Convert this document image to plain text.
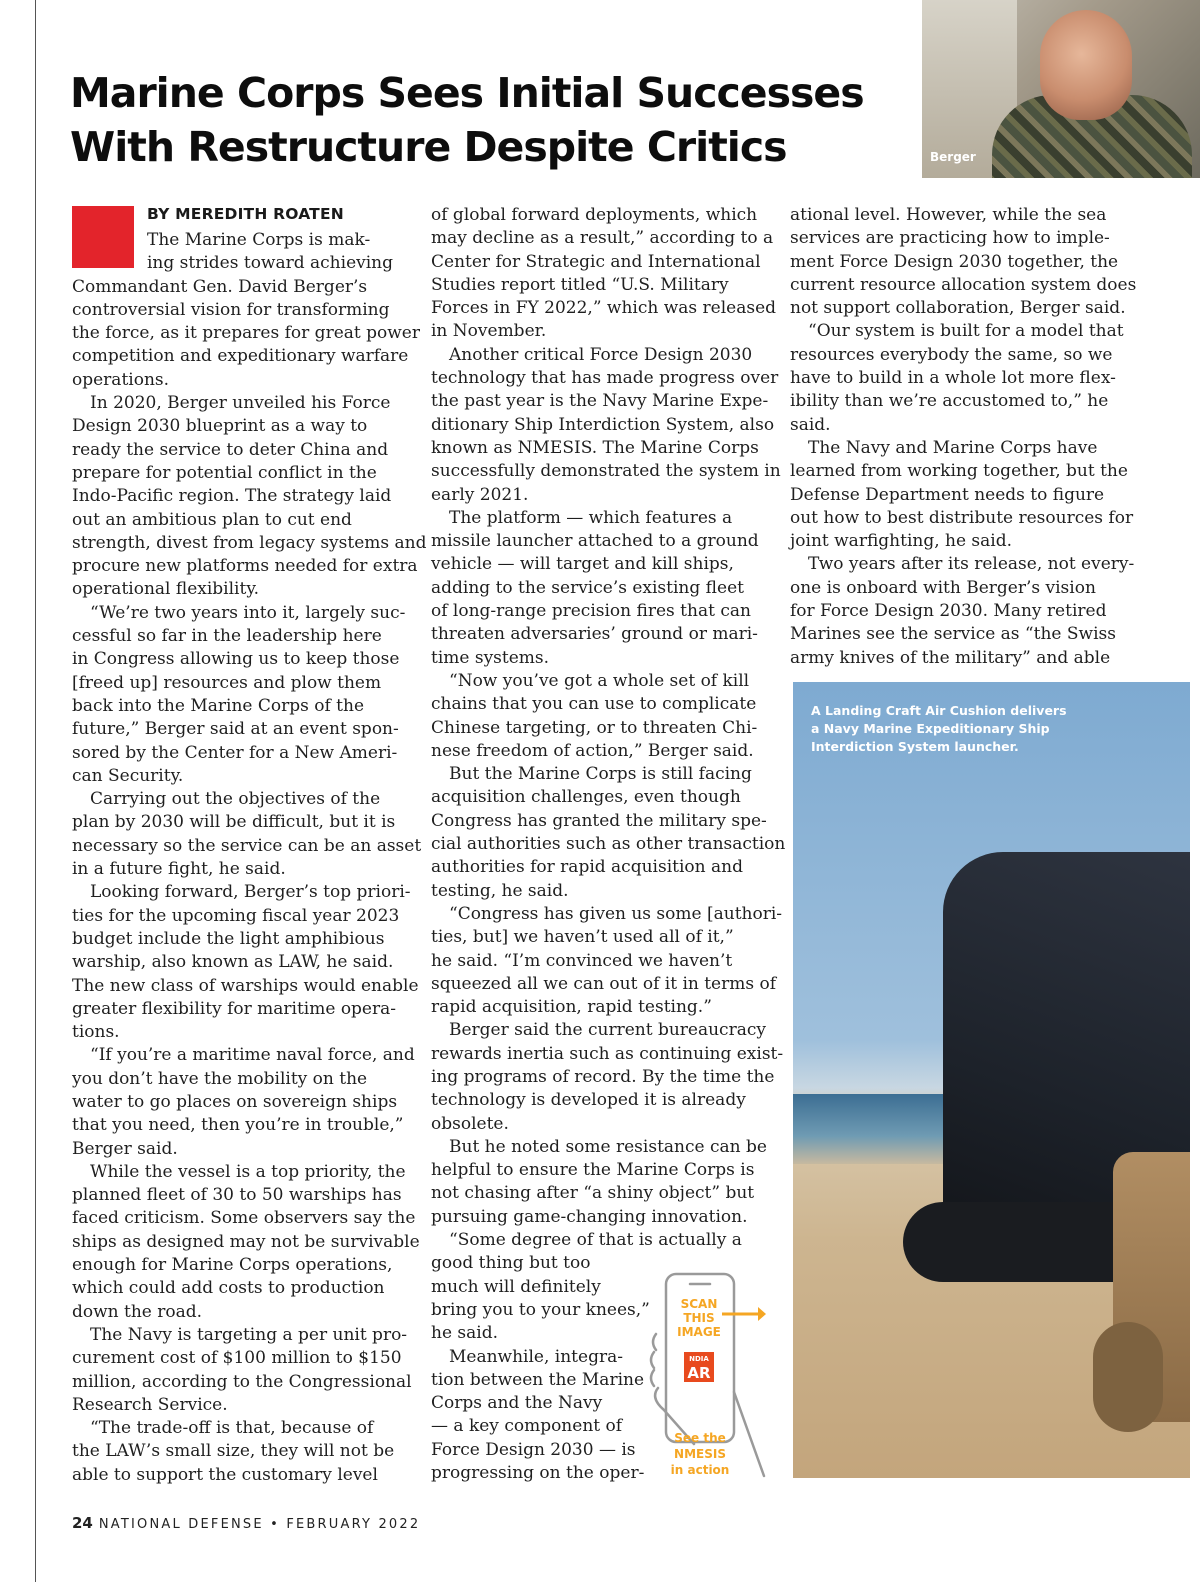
Marine Corps Sees Initial Successes
With Restructure Despite Critics	Berger
BY MEREDITH ROATEN
The Marine Corps is mak-
ing strides toward achieving
Commandant Gen. David Berger’s
controversial vision for transforming
the force, as it prepares for great power
competition and expeditionary warfare
operations.
In 2020, Berger unveiled his Force
Design 2030 blueprint as a way to
ready the service to deter China and
prepare for potential conflict in the
Indo-Pacific region. The strategy laid
out an ambitious plan to cut end
strength, divest from legacy systems and
procure new platforms needed for extra
operational flexibility.
“We’re two years into it, largely suc-
cessful so far in the leadership here
in Congress allowing us to keep those
[freed up] resources and plow them
back into the Marine Corps of the
future,” Berger said at an event spon-
sored by the Center for a New Ameri-
can Security.
Carrying out the objectives of the
plan by 2030 will be difficult, but it is
necessary so the service can be an asset
in a future fight, he said.
Looking forward, Berger’s top priori-
ties for the upcoming fiscal year 2023
budget include the light amphibious
warship, also known as LAW, he said.
The new class of warships would enable
greater flexibility for maritime opera-
tions.
“If you’re a maritime naval force, and
you don’t have the mobility on the
water to go places on sovereign ships
that you need, then you’re in trouble,”
Berger said.
While the vessel is a top priority, the
planned fleet of 30 to 50 warships has
faced criticism. Some observers say the
ships as designed may not be survivable
enough for Marine Corps operations,
which could add costs to production
down the road.
The Navy is targeting a per unit pro-
curement cost of $100 million to $150
million, according to the Congressional
Research Service.
“The trade-off is that, because of
the LAW’s small size, they will not be
able to support the customary level
of global forward deployments, which
may decline as a result,” according to a
Center for Strategic and International
Studies report titled “U.S. Military
Forces in FY 2022,” which was released
in November.
Another critical Force Design 2030
technology that has made progress over
the past year is the Navy Marine Expe-
ditionary Ship Interdiction System, also
known as NMESIS. The Marine Corps
successfully demonstrated the system in
early 2021.
The platform — which features a
missile launcher attached to a ground
vehicle — will target and kill ships,
adding to the service’s existing fleet
of long-range precision fires that can
threaten adversaries’ ground or mari-
time systems.
“Now you’ve got a whole set of kill
chains that you can use to complicate
Chinese targeting, or to threaten Chi-
nese freedom of action,” Berger said.
But the Marine Corps is still facing
acquisition challenges, even though
Congress has granted the military spe-
cial authorities such as other transaction
authorities for rapid acquisition and
testing, he said.
“Congress has given us some [authori-
ties, but] we haven’t used all of it,”
he said. “I’m convinced we haven’t
squeezed all we can out of it in terms of
rapid acquisition, rapid testing.”
Berger said the current bureaucracy
rewards inertia such as continuing exist-
ing programs of record. By the time the
technology is developed it is already
obsolete.
But he noted some resistance can be
helpful to ensure the Marine Corps is
not chasing after “a shiny object” but
pursuing game-changing innovation.
“Some degree of that is actually a
good thing but too
much will definitely
bring you to your knees,”
he said.
Meanwhile, integra-
tion between the Marine
Corps and the Navy
— a key component of
Force Design 2030 — is
progressing on the oper-
ational level. However, while the sea
services are practicing how to imple-
ment Force Design 2030 together, the
current resource allocation system does
not support collaboration, Berger said.
“Our system is built for a model that
resources everybody the same, so we
have to build in a whole lot more flex-
ibility than we’re accustomed to,” he
said.
The Navy and Marine Corps have
learned from working together, but the
Defense Department needs to figure
out how to best distribute resources for
joint warfighting, he said.
Two years after its release, not every-
one is onboard with Berger’s vision
for Force Design 2030. Many retired
Marines see the service as “the Swiss
army knives of the military” and able
A Landing Craft Air Cushion delivers a Navy Marine Expeditionary Ship Interdiction System launcher.
SCAN
THIS
IMAGE
NDIA
AR
See the
NMESIS
in action
24 NATIONAL DEFENSE • FEBRUARY 2022
